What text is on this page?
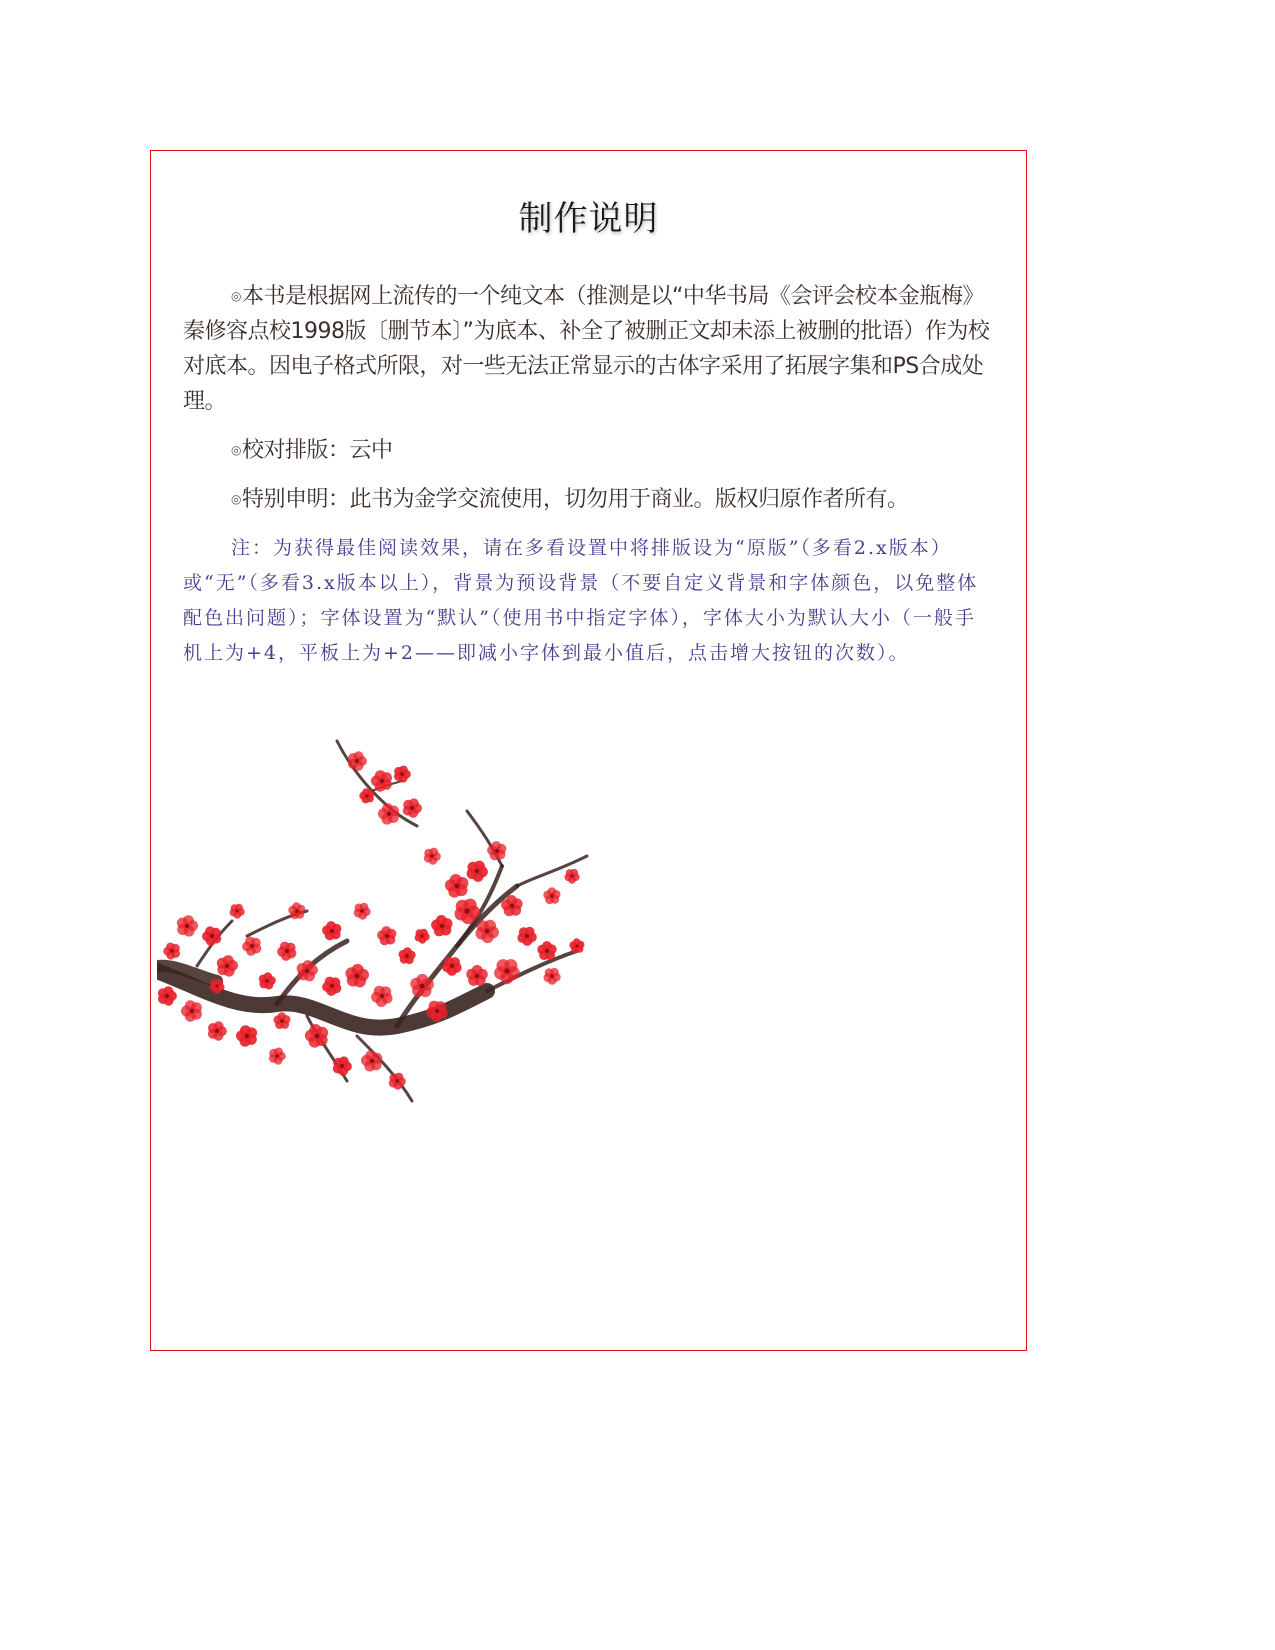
制作说明

◎本书是根据网上流传的一个纯文本（推测是以“中华书局《会评会校本金瓶梅》秦修容点校1998版〔删节本〕”为底本、补全了被删正文却未添上被删的批语）作为校对底本。因电子格式所限，对一些无法正常显示的古体字采用了拓展字集和PS合成处理。

◎校对排版：云中

◎特别申明：此书为金学交流使用，切勿用于商业。版权归原作者所有。

注：为获得最佳阅读效果，请在多看设置中将排版设为“原版”（多看2.x版本）或“无”（多看3.x版本以上），背景为预设背景（不要自定义背景和字体颜色，以免整体配色出问题）；字体设置为“默认”（使用书中指定字体），字体大小为默认大小（一般手机上为+4，平板上为+2——即减小字体到最小值后，点击增大按钮的次数）。
